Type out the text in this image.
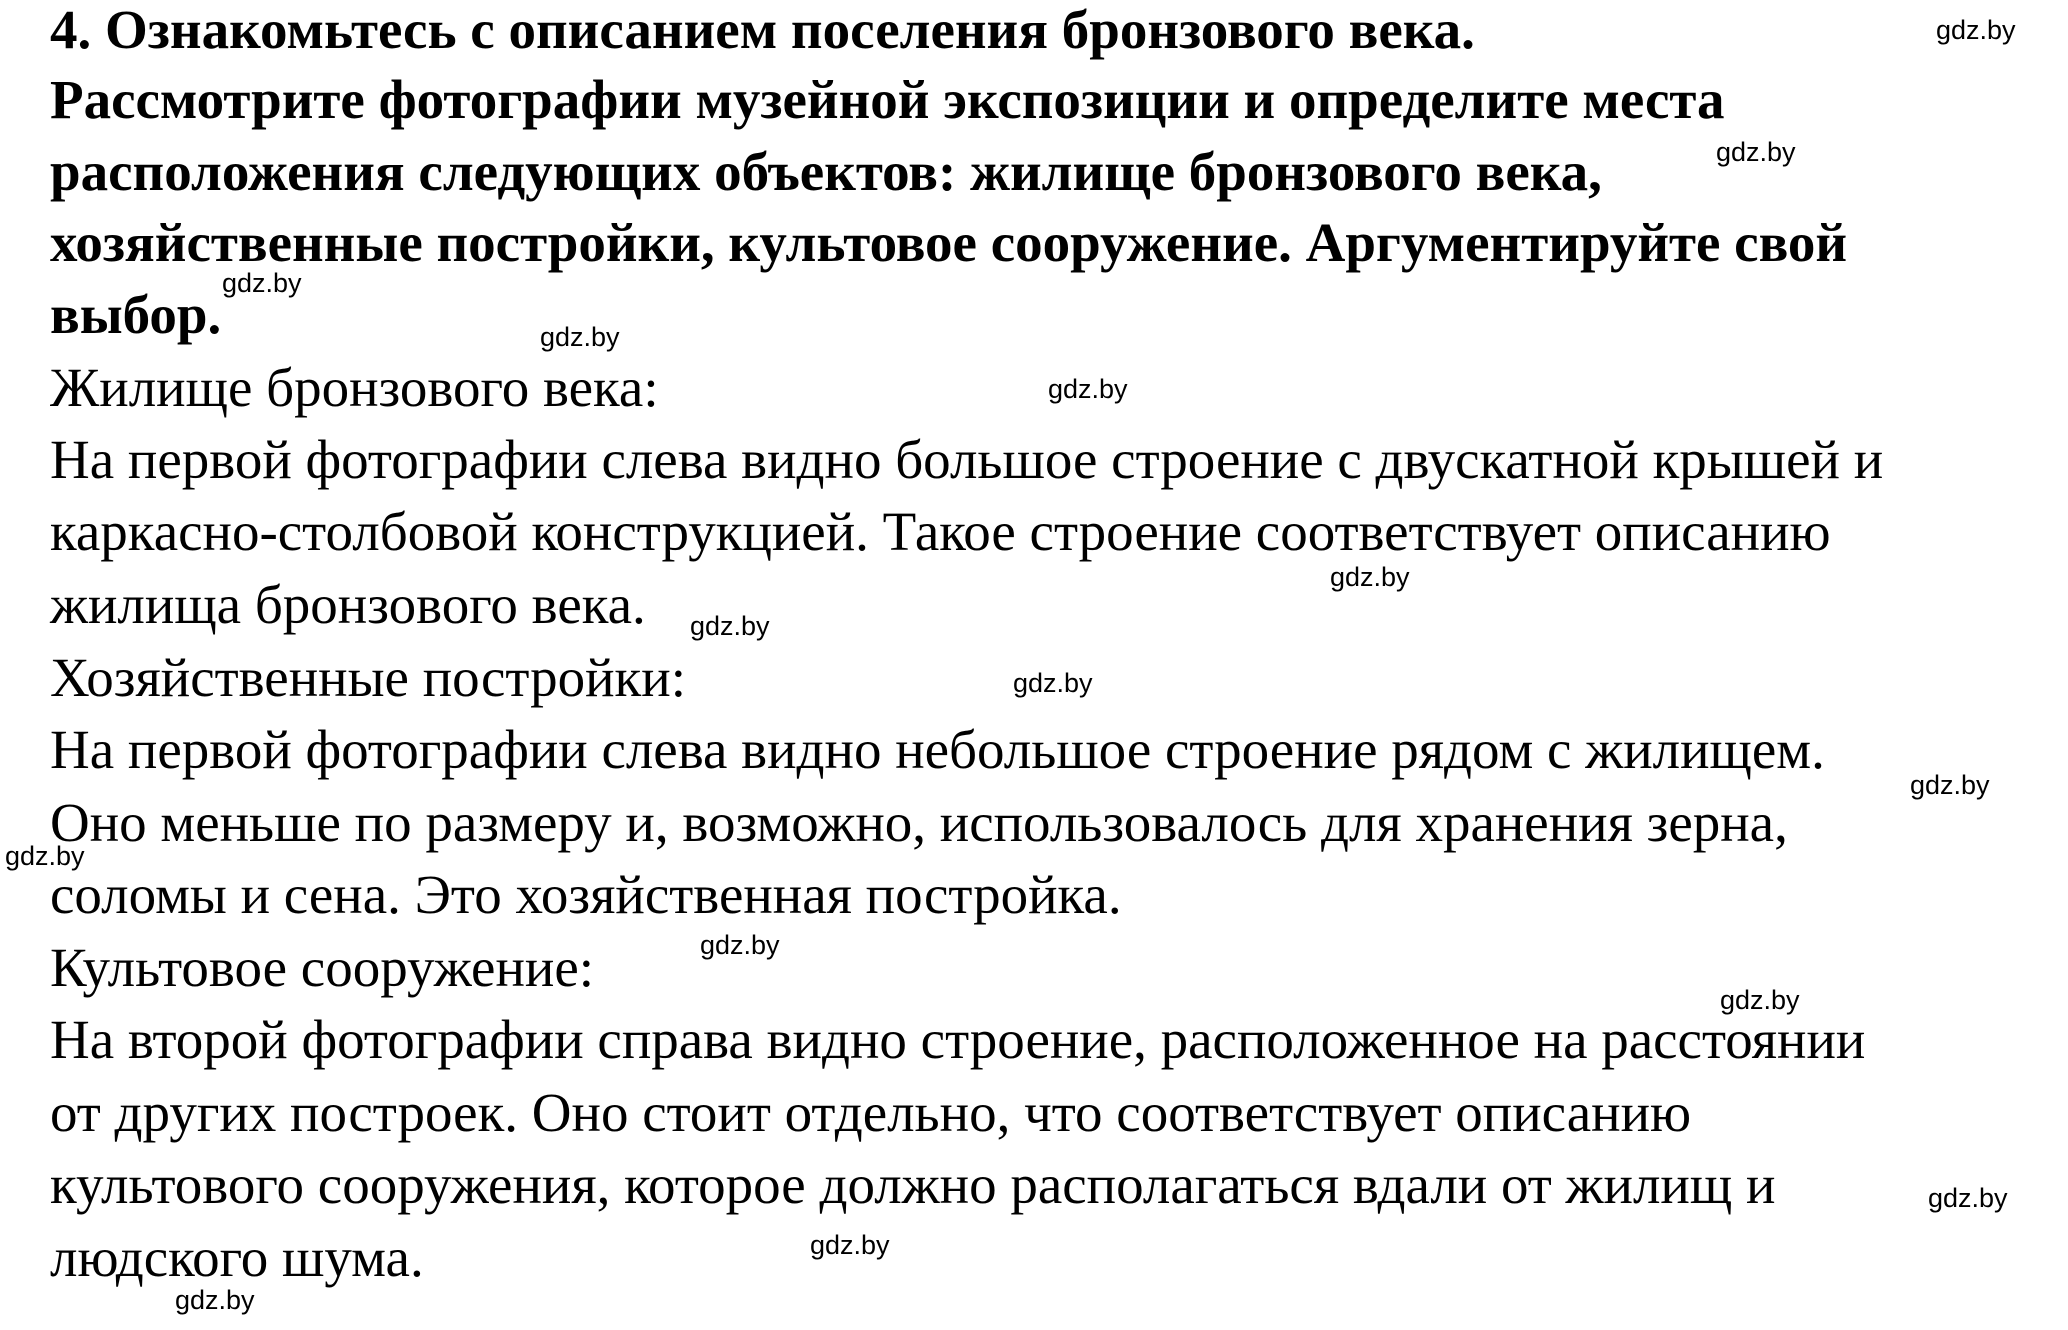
4. Ознакомьтесь с описанием поселения бронзового века.
Рассмотрите фотографии музейной экспозиции и определите места
расположения следующих объектов: жилище бронзового века,
хозяйственные постройки, культовое сооружение. Аргументируйте свой
выбор.
Жилище бронзового века:
На первой фотографии слева видно большое строение с двускатной крышей и
каркасно-столбовой конструкцией. Такое строение соответствует описанию
жилища бронзового века.
Хозяйственные постройки:
На первой фотографии слева видно небольшое строение рядом с жилищем.
Оно меньше по размеру и, возможно, использовалось для хранения зерна,
соломы и сена. Это хозяйственная постройка.
Культовое сооружение:
На второй фотографии справа видно строение, расположенное на расстоянии
от других построек. Оно стоит отдельно, что соответствует описанию
культового сооружения, которое должно располагаться вдали от жилищ и
людского шума.
gdz.by
gdz.by
gdz.by
gdz.by
gdz.by
gdz.by
gdz.by
gdz.by
gdz.by
gdz.by
gdz.by
gdz.by
gdz.by
gdz.by
gdz.by
